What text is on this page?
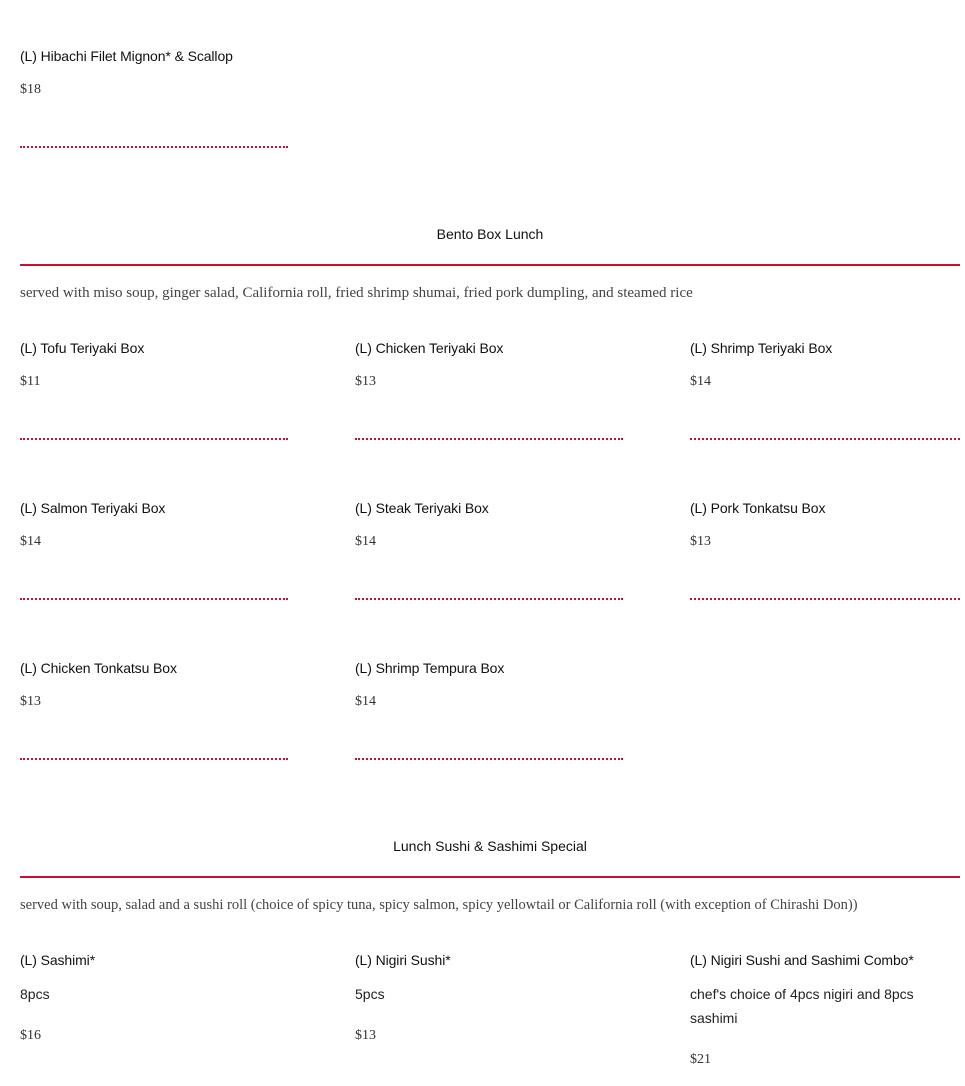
(L) Hibachi Filet Mignon* & Scallop
$18
Bento Box Lunch
served with miso soup, ginger salad, California roll, fried shrimp shumai, fried pork dumpling, and steamed rice
(L) Tofu Teriyaki Box
$11
(L) Chicken Teriyaki Box
$13
(L) Shrimp Teriyaki Box
$14
(L) Salmon Teriyaki Box
$14
(L) Steak Teriyaki Box
$14
(L) Pork Tonkatsu Box
$13
(L) Chicken Tonkatsu Box
$13
(L) Shrimp Tempura Box
$14
Lunch Sushi & Sashimi Special
served with soup, salad and a sushi roll (choice of spicy tuna, spicy salmon, spicy yellowtail or California roll (with exception of Chirashi Don))
(L) Sashimi*
8pcs
$16
(L) Nigiri Sushi*
5pcs
$13
(L) Nigiri Sushi and Sashimi Combo*
chef's choice of 4pcs nigiri and 8pcs sashimi
$21
